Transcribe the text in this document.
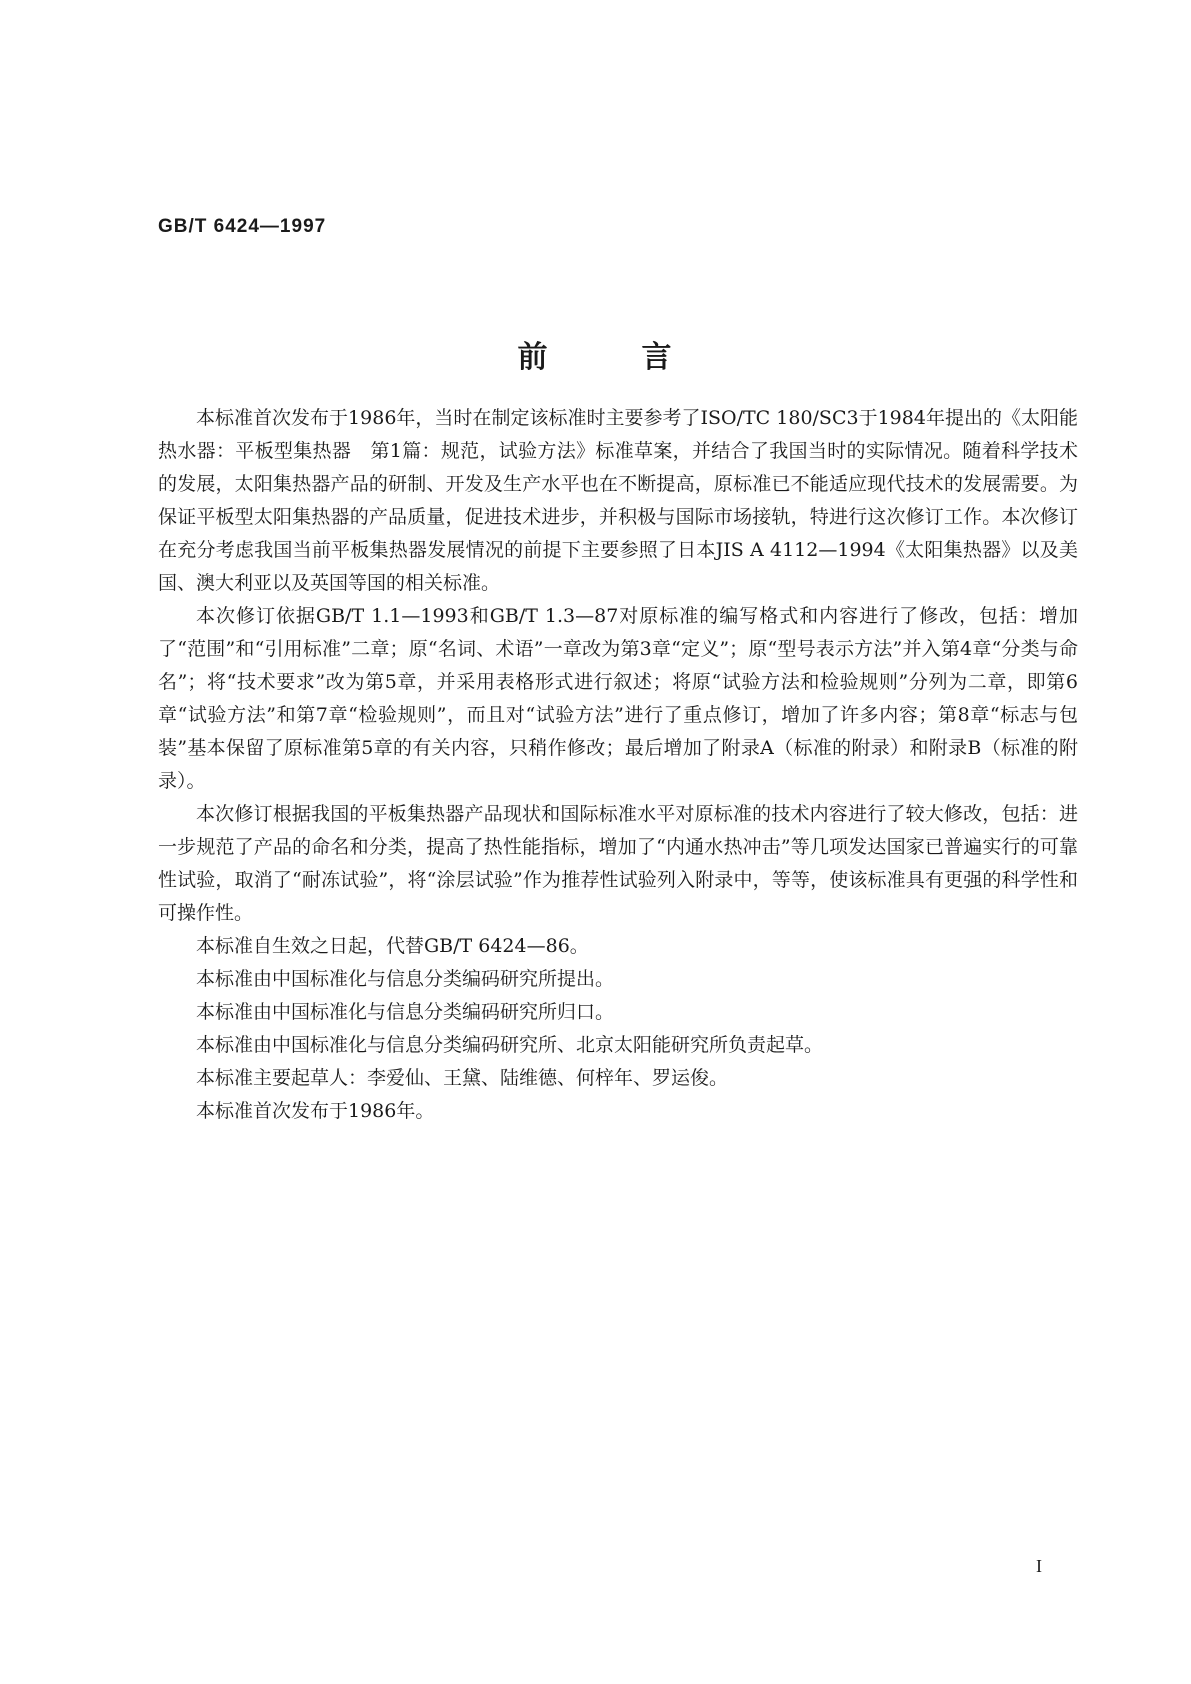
GB/T 6424—1997
前	言

本标准首次发布于1986年，当时在制定该标准时主要参考了ISO/TC 180/SC3于1984年提出的《太阳能热水器：平板型集热器　第1篇：规范，试验方法》标准草案，并结合了我国当时的实际情况。随着科学技术的发展，太阳集热器产品的研制、开发及生产水平也在不断提高，原标准已不能适应现代技术的发展需要。为保证平板型太阳集热器的产品质量，促进技术进步，并积极与国际市场接轨，特进行这次修订工作。本次修订在充分考虑我国当前平板集热器发展情况的前提下主要参照了日本JIS A 4112—1994《太阳集热器》以及美国、澳大利亚以及英国等国的相关标准。

本次修订依据GB/T 1.1—1993和GB/T 1.3—87对原标准的编写格式和内容进行了修改，包括：增加了“范围”和“引用标准”二章；原“名词、术语”一章改为第3章“定义”；原“型号表示方法”并入第4章“分类与命名”；将“技术要求”改为第5章，并采用表格形式进行叙述；将原“试验方法和检验规则”分列为二章，即第6章“试验方法”和第7章“检验规则”，而且对“试验方法”进行了重点修订，增加了许多内容；第8章“标志与包装”基本保留了原标准第5章的有关内容，只稍作修改；最后增加了附录A（标准的附录）和附录B（标准的附录）。

本次修订根据我国的平板集热器产品现状和国际标准水平对原标准的技术内容进行了较大修改，包括：进一步规范了产品的命名和分类，提高了热性能指标，增加了“内通水热冲击”等几项发达国家已普遍实行的可靠性试验，取消了“耐冻试验”，将“涂层试验”作为推荐性试验列入附录中，等等，使该标准具有更强的科学性和可操作性。

本标准自生效之日起，代替GB/T 6424—86。

本标准由中国标准化与信息分类编码研究所提出。

本标准由中国标准化与信息分类编码研究所归口。

本标准由中国标准化与信息分类编码研究所、北京太阳能研究所负责起草。

本标准主要起草人：李爱仙、王黛、陆维德、何梓年、罗运俊。

本标准首次发布于1986年。

I
